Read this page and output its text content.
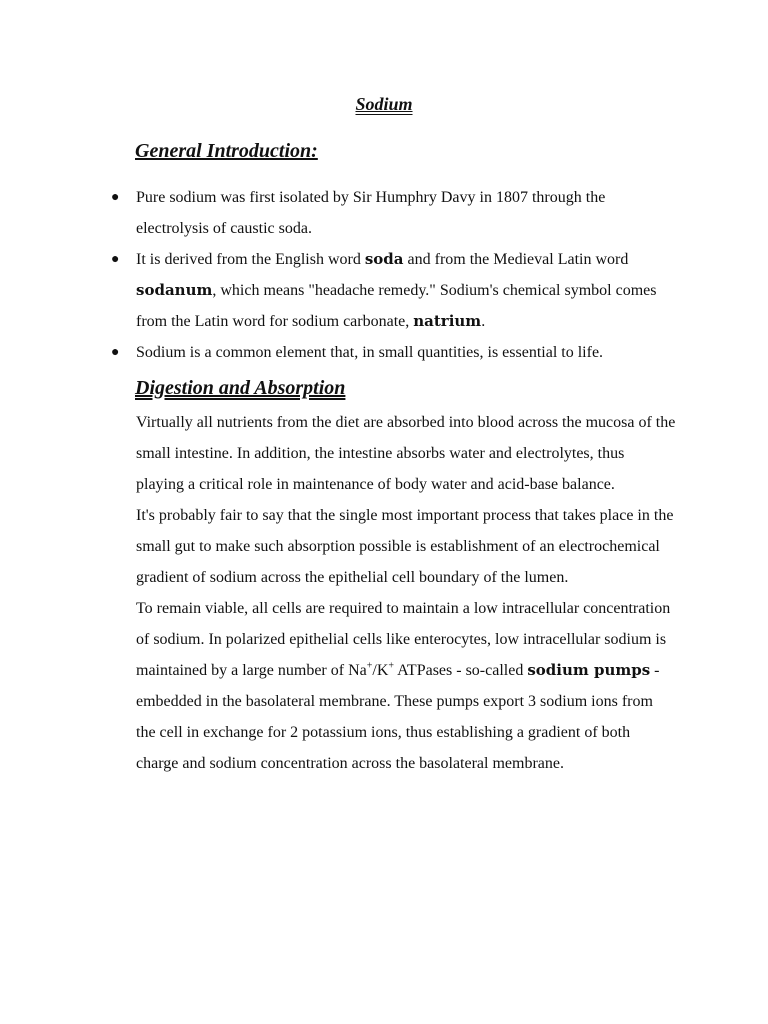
Sodium
General Introduction:
●	Pure sodium was first isolated by Sir Humphry Davy in 1807 through the electrolysis of caustic soda.
●	It is derived from the English word soda and from the Medieval Latin word sodanum, which means "headache remedy." Sodium's chemical symbol comes from the Latin word for sodium carbonate, natrium.
●	Sodium is a common element that, in small quantities, is essential to life.
Digestion and Absorption

Virtually all nutrients from the diet are absorbed into blood across the mucosa of the small intestine. In addition, the intestine absorbs water and electrolytes, thus playing a critical role in maintenance of body water and acid-base balance.

It's probably fair to say that the single most important process that takes place in the small gut to make such absorption possible is establishment of an electrochemical gradient of sodium across the epithelial cell boundary of the lumen.

To remain viable, all cells are required to maintain a low intracellular concentration of sodium. In polarized epithelial cells like enterocytes, low intracellular sodium is maintained by a large number of Na+/K+ ATPases - so-called sodium pumps - embedded in the basolateral membrane. These pumps export 3 sodium ions from the cell in exchange for 2 potassium ions, thus establishing a gradient of both charge and sodium concentration across the basolateral membrane.
